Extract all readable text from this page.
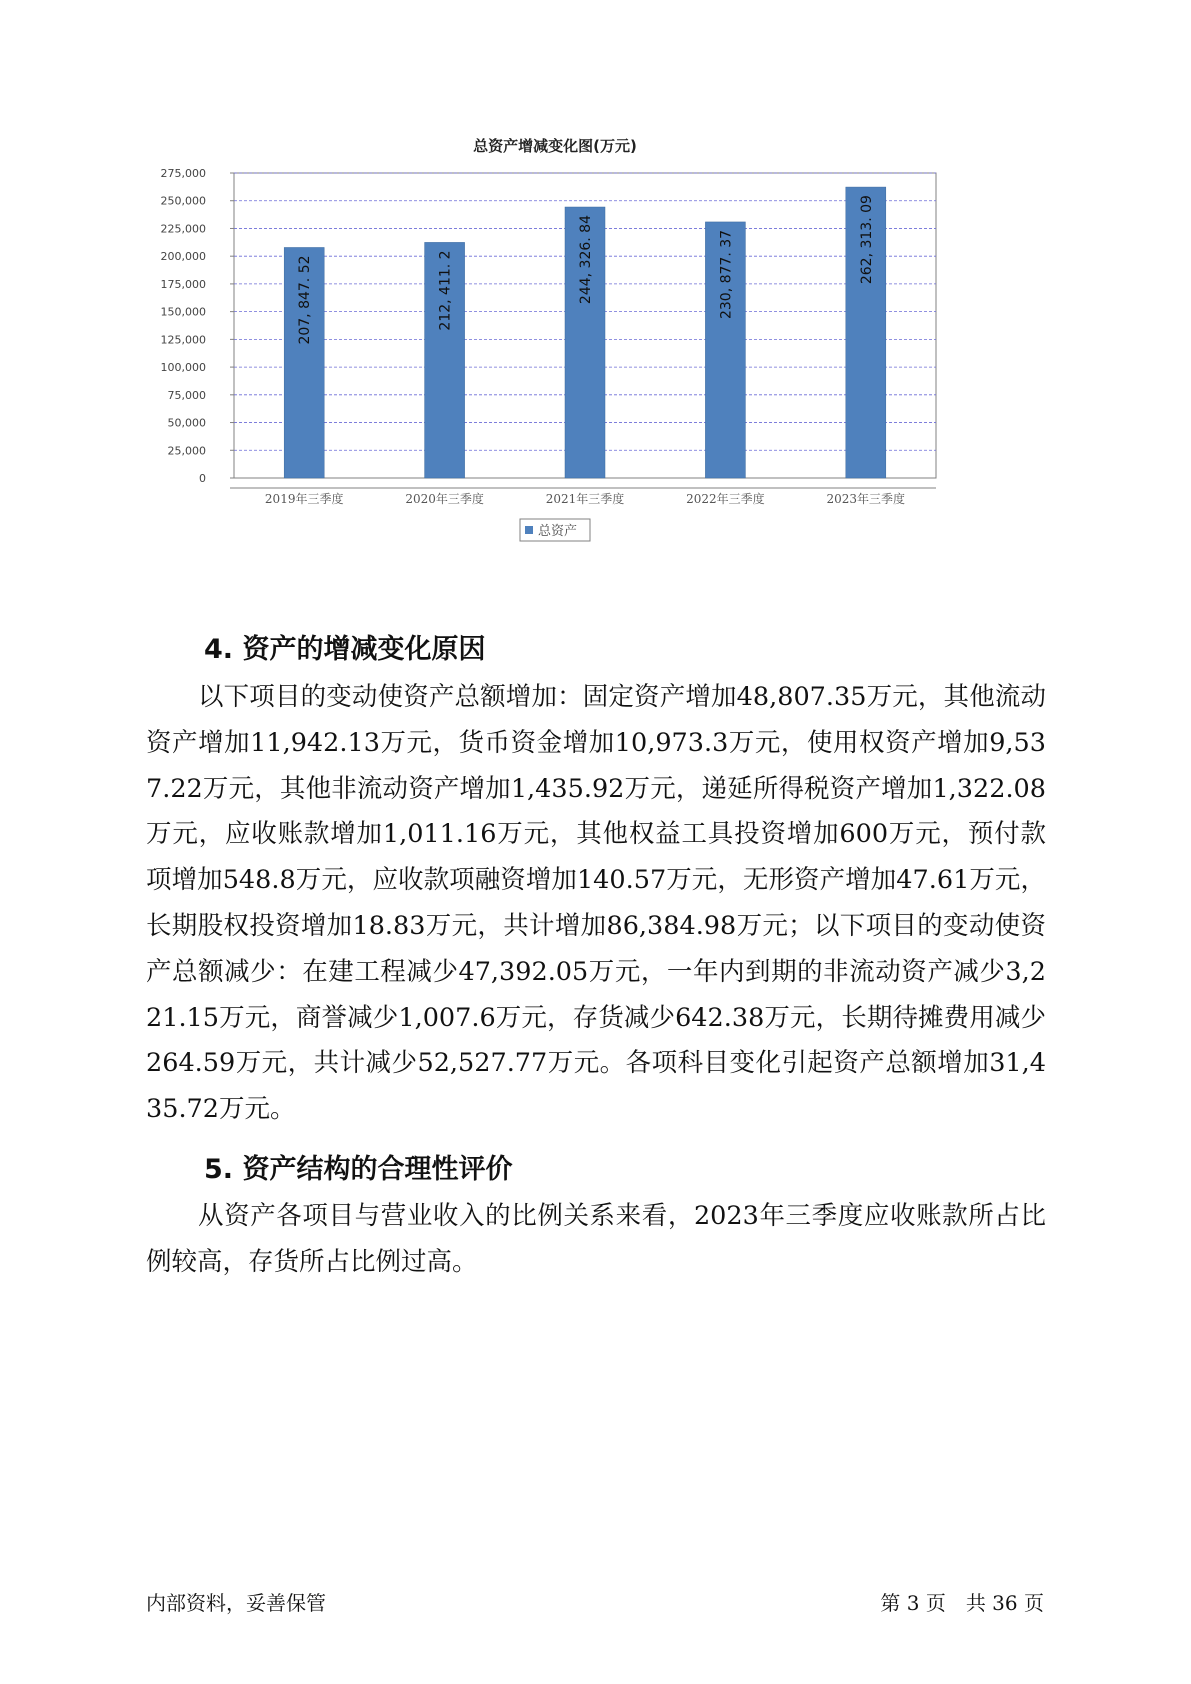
总资产增减变化图(万元)
0
25,000
50,000
75,000
100,000
125,000
150,000
175,000
200,000
225,000
250,000
275,000
207, 847. 52	212, 411. 2	244, 326. 84	230, 877. 37	262, 313. 09
2019年三季度	2020年三季度	2021年三季度	2022年三季度	2023年三季度
总资产
4. 资产的增减变化原因

以下项目的变动使资产总额增加：固定资产增加48,807.35万元，其他流动资产增加11,942.13万元，货币资金增加10,973.3万元，使用权资产增加9,537.22万元，其他非流动资产增加1,435.92万元，递延所得税资产增加1,322.08万元，应收账款增加1,011.16万元，其他权益工具投资增加600万元，预付款项增加548.8万元，应收款项融资增加140.57万元，无形资产增加47.61万元，长期股权投资增加18.83万元，共计增加86,384.98万元；以下项目的变动使资产总额减少：在建工程减少47,392.05万元，一年内到期的非流动资产减少3,221.15万元，商誉减少1,007.6万元，存货减少642.38万元，长期待摊费用减少264.59万元，共计减少52,527.77万元。各项科目变化引起资产总额增加31,435.72万元。

5. 资产结构的合理性评价

从资产各项目与营业收入的比例关系来看，2023年三季度应收账款所占比例较高，存货所占比例过高。

内部资料，妥善保管	第 3 页　共 36 页
